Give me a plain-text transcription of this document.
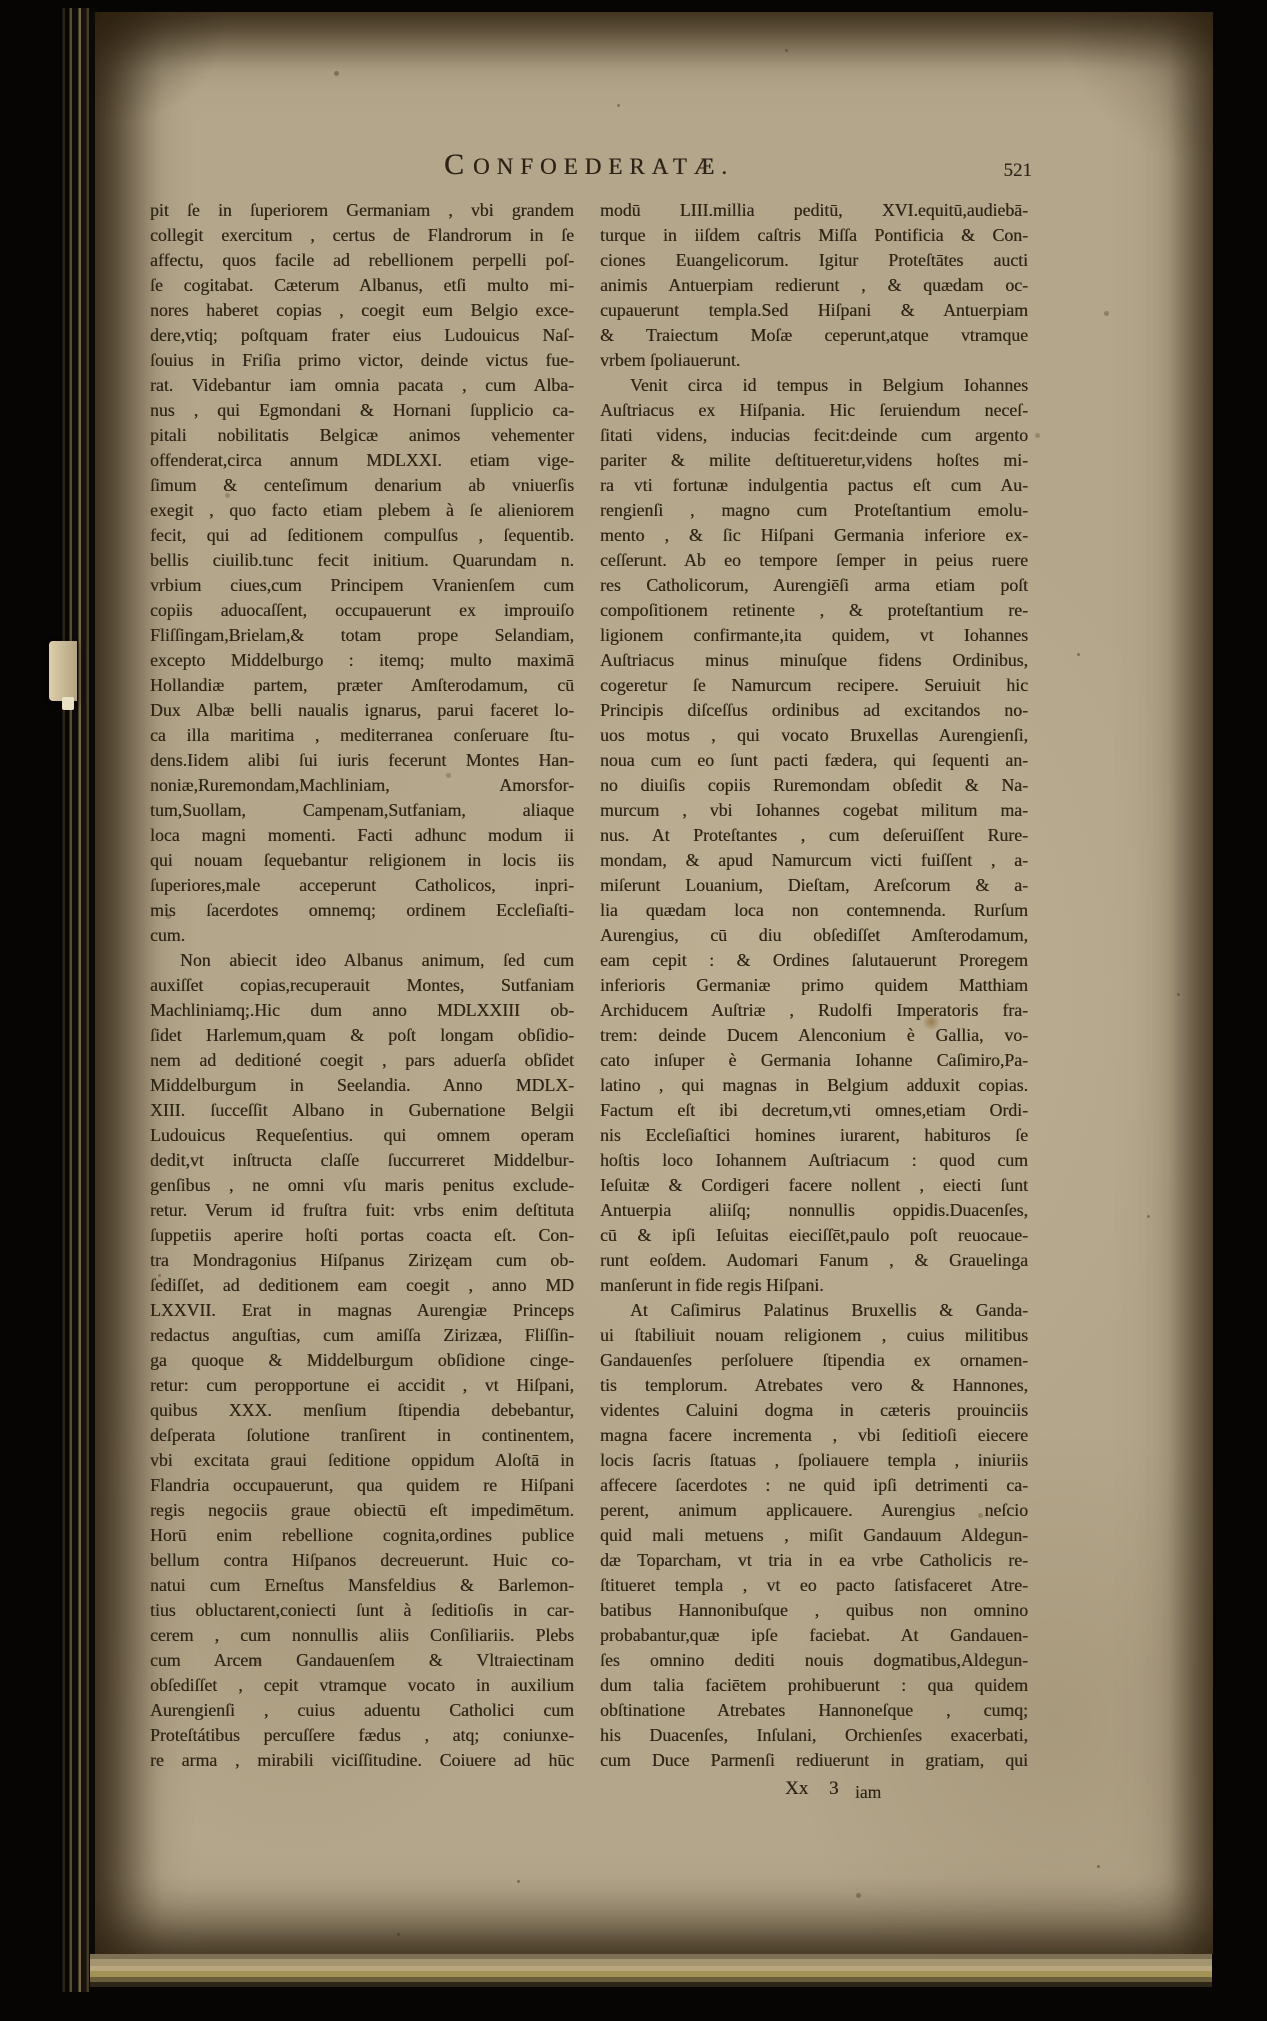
CONFOEDERATÆ.	521
pit ſe in ſuperiorem Germaniam , vbi grandem
collegit exercitum , certus de Flandrorum in ſe
affectu, quos facile ad rebellionem perpelli poſ-
ſe cogitabat. Cæterum Albanus, etſi multo mi-
nores haberet copias , coegit eum Belgio exce-
dere,vtiq; poſtquam frater eius Ludouicus Naſ-
ſouius in Friſia primo victor, deinde victus fue-
rat. Videbantur iam omnia pacata , cum Alba-
nus , qui Egmondani & Hornani ſupplicio ca-
pitali nobilitatis Belgicæ animos vehementer
offenderat,circa annum MDLXXI. etiam vige-
ſimum & centeſimum denarium ab vniuerſis
exegit , quo facto etiam plebem à ſe alieniorem
fecit, qui ad ſeditionem compulſus , ſequentib.
bellis ciuilib.tunc fecit initium. Quarundam n.
vrbium ciues,cum Principem Vranienſem cum
copiis aduocaſſent, occupauerunt ex improuiſo
Fliſſingam,Brielam,& totam prope Selandiam,
excepto Middelburgo : itemq; multo maximā
Hollandiæ partem, præter Amſterodamum, cū
Dux Albæ belli naualis ignarus, parui faceret lo-
ca illa maritima , mediterranea conſeruare ſtu-
dens.Iidem alibi ſui iuris fecerunt Montes Han-
noniæ,Ruremondam,Machliniam, Amorsfor-
tum,Suollam, Campenam,Sutfaniam, aliaque
loca magni momenti. Facti adhunc modum ii
qui nouam ſequebantur religionem in locis iis
ſuperiores,male acceperunt Catholicos, inpri-
mis ſacerdotes omnemq; ordinem Eccleſiaſti-
cum.
Non abiecit ideo Albanus animum, ſed cum
auxiſſet copias,recuperauit Montes, Sutfaniam
Machliniamq;.Hic dum anno MDLXXIII ob-
ſidet Harlemum,quam & poſt longam obſidio-
nem ad deditioné coegit , pars aduerſa obſidet
Middelburgum in Seelandia. Anno MDLX-
XIII. ſucceſſit Albano in Gubernatione Belgii
Ludouicus Requeſentius. qui omnem operam
dedit,vt inſtructa claſſe ſuccurreret Middelbur-
genſibus , ne omni vſu maris penitus exclude-
retur. Verum id fruſtra fuit: vrbs enim deſtituta
ſuppetiis aperire hoſti portas coacta eſt. Con-
tra Mondragonius Hiſpanus Zirizęam cum ob-
ſediſſet, ad deditionem eam coegit , anno MD
LXXVII. Erat in magnas Aurengiæ Princeps
redactus anguſtias, cum amiſſa Zirizæa, Fliſſin-
ga quoque & Middelburgum obſidione cinge-
retur: cum peropportune ei accidit , vt Hiſpani,
quibus XXX. menſium ſtipendia debebantur,
deſperata ſolutione tranſirent in continentem,
vbi excitata graui ſeditione oppidum Aloſtā in
Flandria occupauerunt, qua quidem re Hiſpani
regis negociis graue obiectū eſt impedimētum.
Horū enim rebellione cognita,ordines publice
bellum contra Hiſpanos decreuerunt. Huic co-
natui cum Erneſtus Mansfeldius & Barlemon-
tius obluctarent,coniecti ſunt à ſeditioſis in car-
cerem , cum nonnullis aliis Conſiliariis. Plebs
cum Arcem Gandauenſem & Vltraiectinam
obſediſſet , cepit vtramque vocato in auxilium
Aurengienſi , cuius aduentu Catholici cum
Proteſtátibus percuſſere fædus , atq; coniunxe-
re arma , mirabili viciſſitudine. Coiuere ad hūc
modū LIII.millia peditū, XVI.equitū,audiebā-
turque in iiſdem caſtris Miſſa Pontificia & Con-
ciones Euangelicorum. Igitur Proteſtātes aucti
animis Antuerpiam redierunt , & quædam oc-
cupauerunt templa.Sed Hiſpani & Antuerpiam
& Traiectum Moſæ ceperunt,atque vtramque
vrbem ſpoliauerunt.
Venit circa id tempus in Belgium Iohannes
Auſtriacus ex Hiſpania. Hic ſeruiendum neceſ-
ſitati videns, inducias fecit:deinde cum argento
pariter & milite deſtitueretur,videns hoſtes mi-
ra vti fortunæ indulgentia pactus eſt cum Au-
rengienſi , magno cum Proteſtantium emolu-
mento , & ſic Hiſpani Germania inferiore ex-
ceſſerunt. Ab eo tempore ſemper in peius ruere
res Catholicorum, Aurengiēſi arma etiam poſt
compoſitionem retinente , & proteſtantium re-
ligionem confirmante,ita quidem, vt Iohannes
Auſtriacus minus minuſque fidens Ordinibus,
cogeretur ſe Namurcum recipere. Seruiuit hic
Principis diſceſſus ordinibus ad excitandos no-
uos motus , qui vocato Bruxellas Aurengienſi,
noua cum eo ſunt pacti fædera, qui ſequenti an-
no diuiſis copiis Ruremondam obſedit & Na-
murcum , vbi Iohannes cogebat militum ma-
nus. At Proteſtantes , cum deſeruiſſent Rure-
mondam, & apud Namurcum victi fuiſſent , a-
miſerunt Louanium, Dieſtam, Areſcorum & a-
lia quædam loca non contemnenda. Rurſum
Aurengius, cū diu obſediſſet Amſterodamum,
eam cepit : & Ordines ſalutauerunt Proregem
inferioris Germaniæ primo quidem Matthiam
Archiducem Auſtriæ , Rudolfi Imperatoris fra-
trem: deinde Ducem Alenconium è Gallia, vo-
cato inſuper è Germania Iohanne Caſimiro,Pa-
latino , qui magnas in Belgium adduxit copias.
Factum eſt ibi decretum,vti omnes,etiam Ordi-
nis Eccleſiaſtici homines iurarent, habituros ſe
hoſtis loco Iohannem Auſtriacum : quod cum
Ieſuitæ & Cordigeri facere nollent , eiecti ſunt
Antuerpia aliiſq; nonnullis oppidis.Duacenſes,
cū & ipſi Ieſuitas eieciſſēt,paulo poſt reuocaue-
runt eoſdem. Audomari Fanum , & Grauelinga
manſerunt in fide regis Hiſpani.
At Caſimirus Palatinus Bruxellis & Ganda-
ui ſtabiliuit nouam religionem , cuius militibus
Gandauenſes perſoluere ſtipendia ex ornamen-
tis templorum. Atrebates vero & Hannones,
videntes Caluini dogma in cæteris prouinciis
magna facere incrementa , vbi ſeditioſi eiecere
locis ſacris ſtatuas , ſpoliauere templa , iniuriis
affecere ſacerdotes : ne quid ipſi detrimenti ca-
perent, animum applicauere. Aurengius neſcio
quid mali metuens , miſit Gandauum Aldegun-
dæ Toparcham, vt tria in ea vrbe Catholicis re-
ſtitueret templa , vt eo pacto ſatisfaceret Atre-
batibus Hannonibuſque , quibus non omnino
probabantur,quæ ipſe faciebat. At Gandauen-
ſes omnino dediti nouis dogmatibus,Aldegun-
dum talia faciētem prohibuerunt : qua quidem
obſtinatione Atrebates Hannoneſque , cumq;
his Duacenſes, Inſulani, Orchienſes exacerbati,
cum Duce Parmenſi rediuerunt in gratiam, qui
Xx 3 iam
